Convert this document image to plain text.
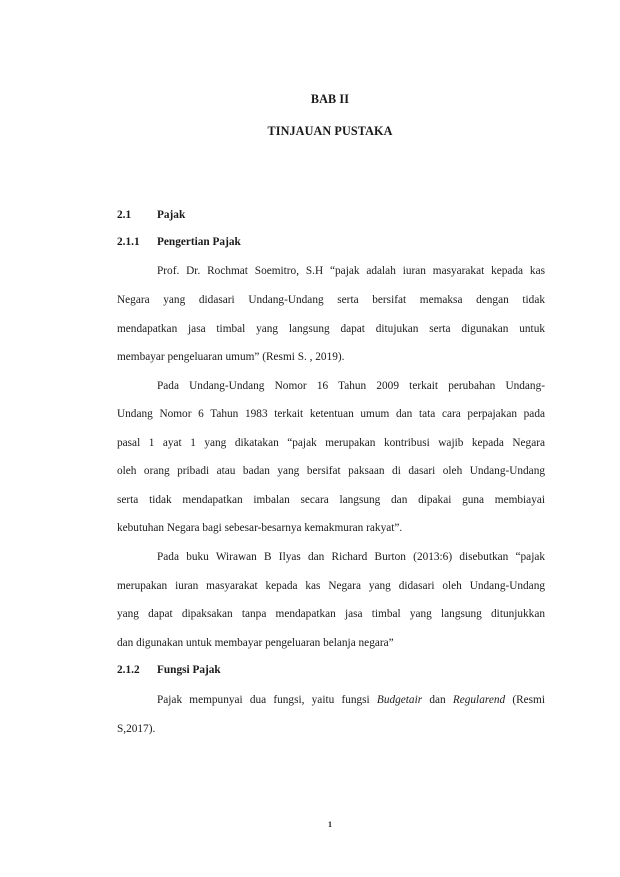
BAB II
TINJAUAN PUSTAKA
2.1 Pajak
2.1.1 Pengertian Pajak
Prof. Dr. Rochmat Soemitro, S.H “pajak adalah iuran masyarakat kepada kas
Negara yang didasari Undang-Undang serta bersifat memaksa dengan tidak
mendapatkan jasa timbal yang langsung dapat ditujukan serta digunakan untuk
membayar pengeluaran umum” (Resmi S. , 2019).
Pada Undang-Undang Nomor 16 Tahun 2009 terkait perubahan Undang-
Undang Nomor 6 Tahun 1983 terkait ketentuan umum dan tata cara perpajakan pada
pasal 1 ayat 1 yang dikatakan “pajak merupakan kontribusi wajib kepada Negara
oleh orang pribadi atau badan yang bersifat paksaan di dasari oleh Undang-Undang
serta tidak mendapatkan imbalan secara langsung dan dipakai guna membiayai
kebutuhan Negara bagi sebesar-besarnya kemakmuran rakyat”.
Pada buku Wirawan B Ilyas dan Richard Burton (2013:6) disebutkan “pajak
merupakan iuran masyarakat kepada kas Negara yang didasari oleh Undang-Undang
yang dapat dipaksakan tanpa mendapatkan jasa timbal yang langsung ditunjukkan
dan digunakan untuk membayar pengeluaran belanja negara”
2.1.2 Fungsi Pajak
Pajak mempunyai dua fungsi, yaitu fungsi Budgetair dan Regularend (Resmi
S,2017).
1
